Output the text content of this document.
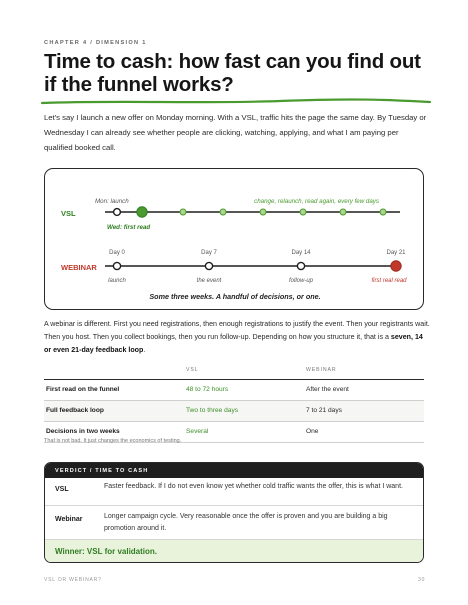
CHAPTER 4 / DIMENSION 1
Time to cash: how fast can you find out if the funnel works?
Let's say I launch a new offer on Monday morning. With a VSL, traffic hits the page the same day. By Tuesday or Wednesday I can already see whether people are clicking, watching, applying, and what I am paying per qualified booked call.
Mon: launch	change, relaunch, read again, every few days
VSL
Wed: first read
Day 0	Day 7	Day 14	Day 21
WEBINAR
launch	the event	follow-up	first real read
Some three weeks. A handful of decisions, or one.
A webinar is different. First you need registrations, then enough registrations to justify the event. Then your registrants wait. Then you host. Then you collect bookings, then you run follow-up. Depending on how you structure it, that is a seven, 14 or even 21-day feedback loop.
	VSL	WEBINAR
First read on the funnel	48 to 72 hours	After the event
Full feedback loop	Two to three days	7 to 21 days
Decisions in two weeks	Several	One
That is not bad. It just changes the economics of testing.
VERDICT / TIME TO CASH
VSL	Faster feedback. If I do not even know yet whether cold traffic wants the offer, this is what I want.
Webinar	Longer campaign cycle. Very reasonable once the offer is proven and you are building a big promotion around it.
Winner: VSL for validation.
VSL OR WEBINAR?	30
